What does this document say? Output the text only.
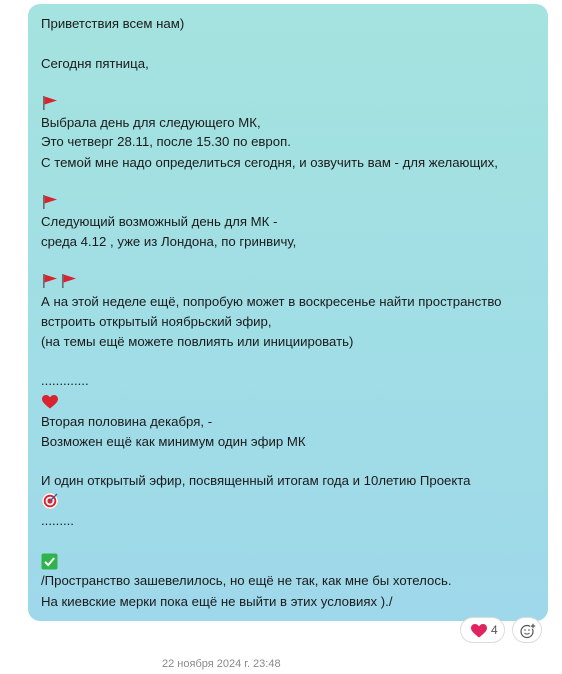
Приветствия всем нам)
Сегодня пятница,
Выбрала день для следующего МК,
Это четверг 28.11, после 15.30 по европ.
С темой мне надо определиться сегодня, и озвучить вам - для желающих,
Следующий возможный день для МК -
среда 4.12 , уже из Лондона, по гринвичу,
А на этой неделе ещё, попробую может в воскресенье найти пространство
встроить открытый ноябрьский эфир,
(на темы ещё можете повлиять или инициировать)
.............
Вторая половина декабря, -
Возможен ещё как минимум один эфир МК
И один открытый эфир, посвященный итогам года и 10летию Проекта
.........
/Пространство зашевелилось, но ещё не так, как мне бы хотелось.
На киевские мерки пока ещё не выйти в этих условиях )./
4
22 ноября 2024 г. 23:48
